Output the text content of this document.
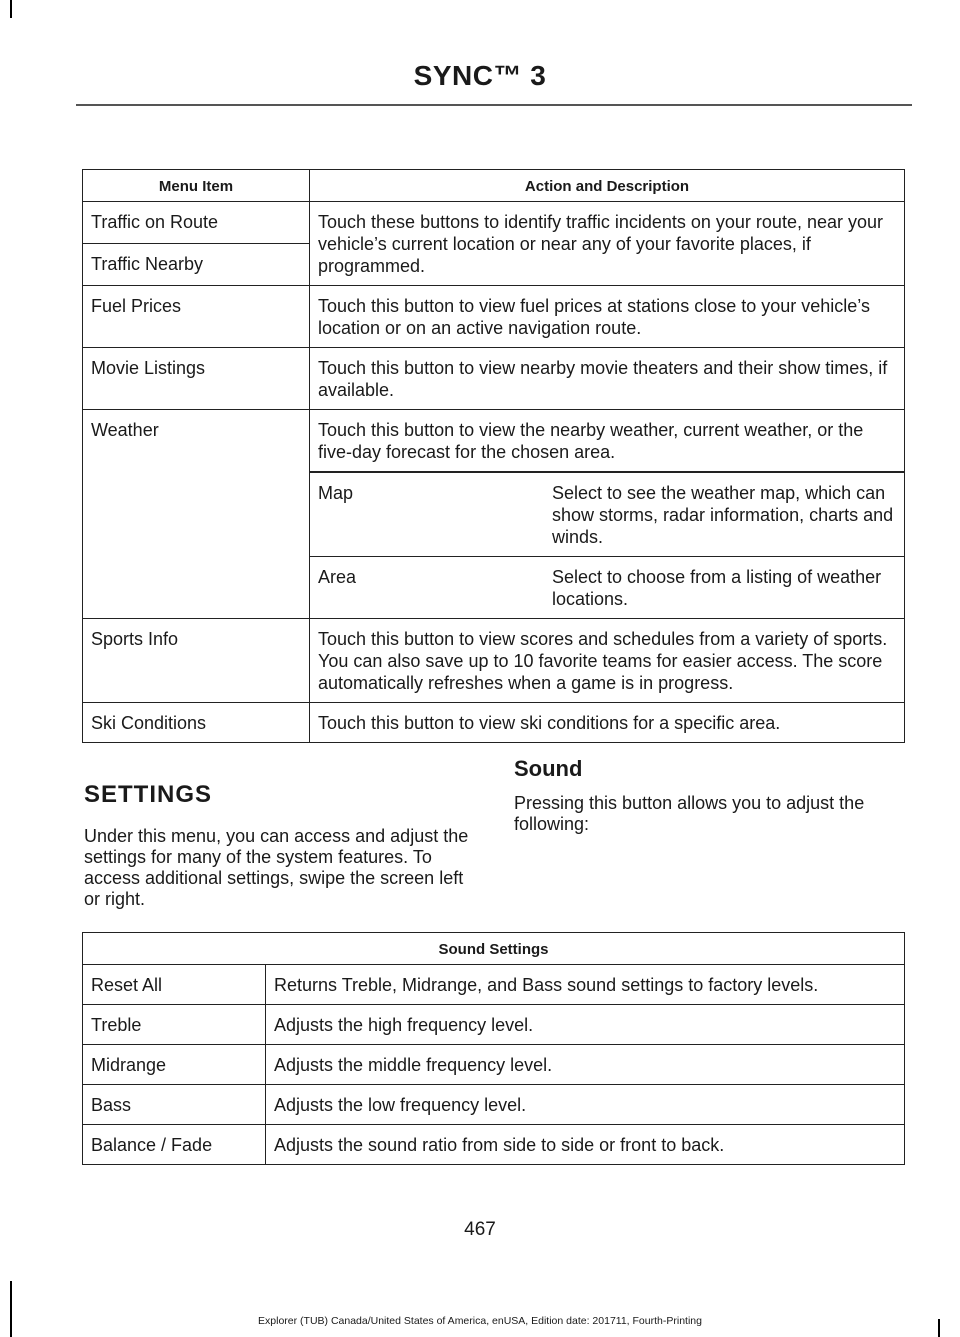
SYNC™ 3
Menu Item	Action and Description
Traffic on Route	Touch these buttons to identify traffic incidents on your route, near your vehicle’s current location or near any of your favorite places, if programmed.
Traffic Nearby
Fuel Prices	Touch this button to view fuel prices at stations close to your vehicle’s location or on an active navigation route.
Movie Listings	Touch this button to view nearby movie theaters and their show times, if available.
Weather	Touch this button to view the nearby weather, current weather, or the five-day forecast for the chosen area.

Map	Select to see the weather map, which can show storms, radar information, charts and winds.
Area	Select to choose from a listing of weather locations.

Sports Info	Touch this button to view scores and schedules from a variety of sports. You can also save up to 10 favorite teams for easier access. The score automatically refreshes when a game is in progress.
Ski Conditions	Touch this button to view ski conditions for a specific area.
SETTINGS
Under this menu, you can access and adjust the settings for many of the system features. To access additional settings, swipe the screen left or right.
Sound
Pressing this button allows you to adjust the following:
Sound Settings	
Reset All	Returns Treble, Midrange, and Bass sound settings to factory levels.
Treble	Adjusts the high frequency level.
Midrange	Adjusts the middle frequency level.
Bass	Adjusts the low frequency level.
Balance / Fade	Adjusts the sound ratio from side to side or front to back.
467
Explorer (TUB) Canada/United States of America, enUSA, Edition date: 201711, Fourth-Printing
